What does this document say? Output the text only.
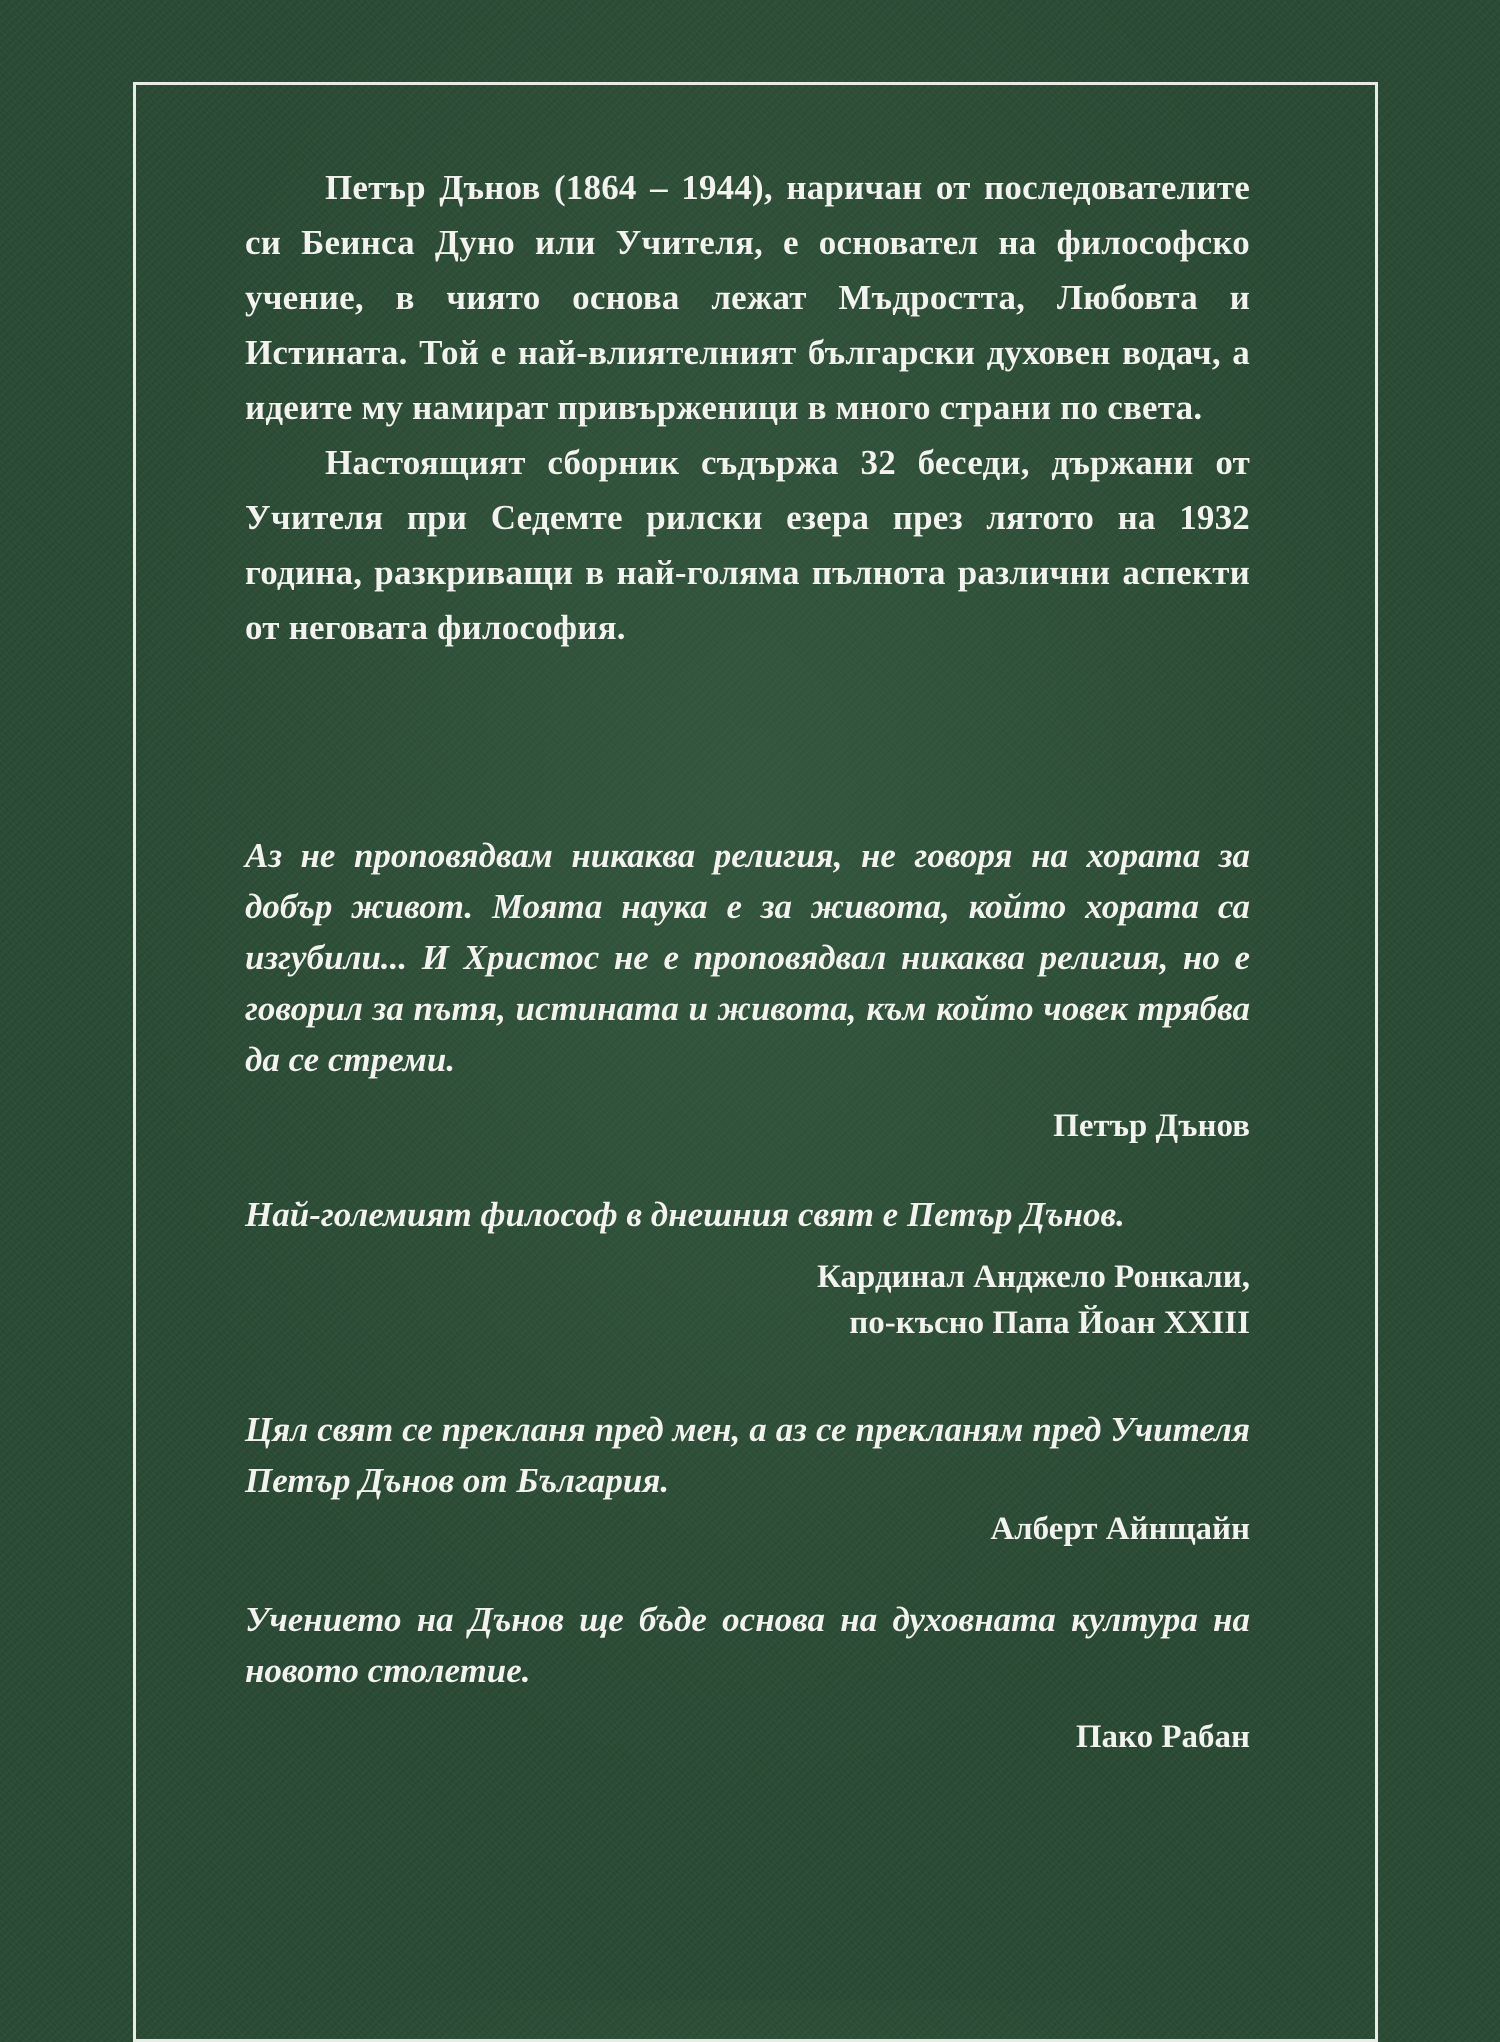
Петър Дънов (1864 – 1944), наричан от последователите си Беинса Дуно или Учителя, е основател на философско учение, в чиято основа лежат Мъдростта, Любовта и Истината. Той е най-влиятелният български духовен водач, а идеите му намират привърженици в много страни по света.

Настоящият сборник съдържа 32 беседи, държани от Учителя при Седемте рилски езера през лятото на 1932 година, разкриващи в най-голяма пълнота различни аспекти от неговата философия.

Аз не проповядвам никаква религия, не говоря на хората за добър живот. Моята наука е за живота, който хората са изгубили... И Христос не е проповядвал никаква религия, но е говорил за пътя, истината и живота, към който човек трябва да се стреми.

Петър Дънов

Най-големият философ в днешния свят е Петър Дънов.

Кардинал Анджело Ронкали,

по-късно Папа Йоан XXIII

Цял свят се прекланя пред мен, а аз се прекланям пред Учителя Петър Дънов от България.

Алберт Айнщайн

Учението на Дънов ще бъде основа на духовната култура на новото столетие.

Пако Рабан
